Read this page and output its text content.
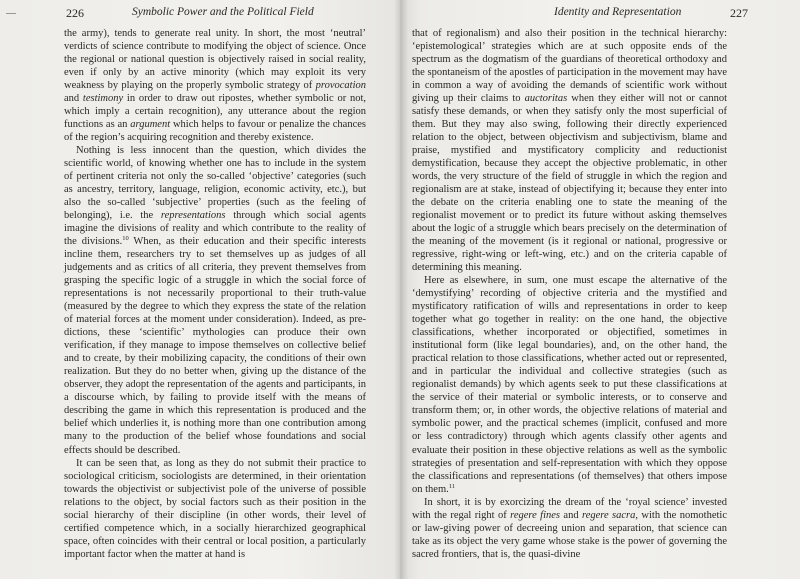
226	Symbolic Power and the Political Field

the army), tends to generate real unity. In short, the most ‘neutral’ verdicts of science contribute to modifying the object of science. Once the regional or national question is objectively raised in social reality, even if only by an active minority (which may exploit its very weakness by playing on the properly symbolic strategy of provocation and testimony in order to draw out ripostes, whether symbolic or not, which imply a certain recognition), any utterance about the region functions as an argument which helps to favour or penalize the chances of the region’s acquiring recognition and thereby existence.

Nothing is less innocent than the question, which divides the scientific world, of knowing whether one has to include in the system of pertinent criteria not only the so-called ‘objective’ categories (such as ancestry, territory, language, religion, economic activity, etc.), but also the so-called ‘subjective’ properties (such as the feeling of belonging), i.e. the representations through which social agents imagine the divisions of reality and which contribute to the reality of the divisions.$^{10}$ When, as their education and their specific interests incline them, researchers try to set themselves up as judges of all judgements and as critics of all criteria, they prevent themselves from grasping the specific logic of a struggle in which the social force of representations is not necessarily proportional to their truth-value (measured by the degree to which they express the state of the relation of material forces at the moment under consideration). Indeed, as pre-dictions, these ‘scientific’ mythologies can produce their own verification, if they manage to impose themselves on collective belief and to create, by their mobilizing capacity, the conditions of their own realization. But they do no better when, giving up the distance of the observer, they adopt the representation of the agents and participants, in a discourse which, by failing to provide itself with the means of describing the game in which this representation is produced and the belief which underlies it, is nothing more than one contribution among many to the production of the belief whose foundations and social effects should be described.

It can be seen that, as long as they do not submit their practice to sociological criticism, sociologists are determined, in their orientation towards the objectivist or subjectivist pole of the universe of possible relations to the object, by social factors such as their position in the social hierarchy of their discipline (in other words, their level of certified competence which, in a socially hierarchized geographical space, often coincides with their central or local position, a particularly important factor when the matter at hand is

Identity and Representation	227

that of regionalism) and also their position in the technical hierarchy: ‘epistemological’ strategies which are at such opposite ends of the spectrum as the dogmatism of the guardians of theoretical orthodoxy and the spontaneism of the apostles of participation in the movement may have in common a way of avoiding the demands of scientific work without giving up their claims to auctoritas when they either will not or cannot satisfy these demands, or when they satisfy only the most superficial of them. But they may also swing, following their directly experienced relation to the object, between objectivism and subjectivism, blame and praise, mystified and mystificatory complicity and reductionist demystification, because they accept the objective problematic, in other words, the very structure of the field of struggle in which the region and regionalism are at stake, instead of objectifying it; because they enter into the debate on the criteria enabling one to state the meaning of the regionalist movement or to predict its future without asking themselves about the logic of a struggle which bears precisely on the determination of the meaning of the movement (is it regional or national, progressive or regressive, right-wing or left-wing, etc.) and on the criteria capable of determining this meaning.

Here as elsewhere, in sum, one must escape the alternative of the ‘demystifying’ recording of objective criteria and the mystified and mystificatory ratification of wills and representations in order to keep together what go together in reality: on the one hand, the objective classifications, whether incorporated or objectified, sometimes in institutional form (like legal boundaries), and, on the other hand, the practical relation to those classifications, whether acted out or represented, and in particular the individual and collective strategies (such as regionalist demands) by which agents seek to put these classifications at the service of their material or symbolic interests, or to conserve and transform them; or, in other words, the objective relations of material and symbolic power, and the practical schemes (implicit, confused and more or less contradictory) through which agents classify other agents and evaluate their position in these objective relations as well as the symbolic strategies of presentation and self-representation with which they oppose the classifications and representations (of themselves) that others impose on them.$^{11}$

In short, it is by exorcizing the dream of the ‘royal science’ invested with the regal right of regere fines and regere sacra, with the nomothetic or law-giving power of decreeing union and separation, that science can take as its object the very game whose stake is the power of governing the sacred frontiers, that is, the quasi-divine
